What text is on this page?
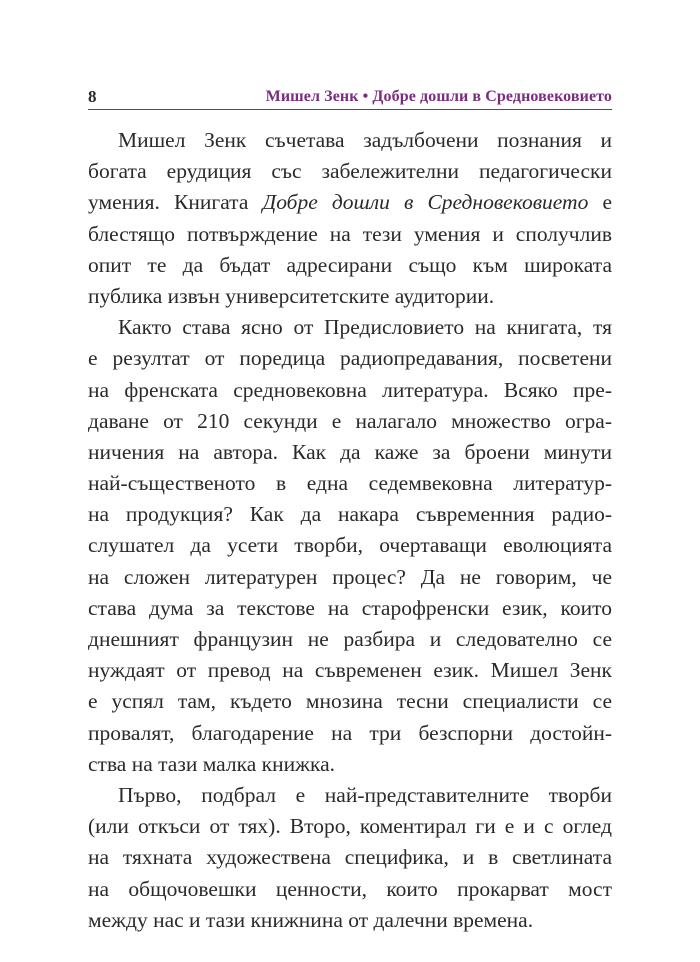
8	Мишел Зенк • Добре дошли в Средновековието
Мишел Зенк съчетава задълбочени познания и
богата ерудиция със забележителни педагогически
умения. Книгата Добре дошли в Средновековието е
блестящо потвърждение на тези умения и сполучлив
опит те да бъдат адресирани също към широката
публика извън университетските аудитории.
Както става ясно от Предисловието на книгата, тя
е резултат от поредица радиопредавания, посветени
на френската средновековна литература. Всяко пре-
даване от 210 секунди е налагало множество огра-
ничения на автора. Как да каже за броени минути
най-същественото в една седемвековна литератур-
на продукция? Как да накара съвременния радио-
слушател да усети творби, очертаващи еволюцията
на сложен литературен процес? Да не говорим, че
става дума за текстове на старофренски език, които
днешният французин не разбира и следователно се
нуждаят от превод на съвременен език. Мишел Зенк
е успял там, където мнозина тесни специалисти се
провалят, благодарение на три безспорни достойн-
ства на тази малка книжка.
Първо, подбрал е най-представителните творби
(или откъси от тях). Второ, коментирал ги е и с оглед
на тяхната художествена специфика, и в светлината
на общочовешки ценности, които прокарват мост
между нас и тази книжнина от далечни времена.
